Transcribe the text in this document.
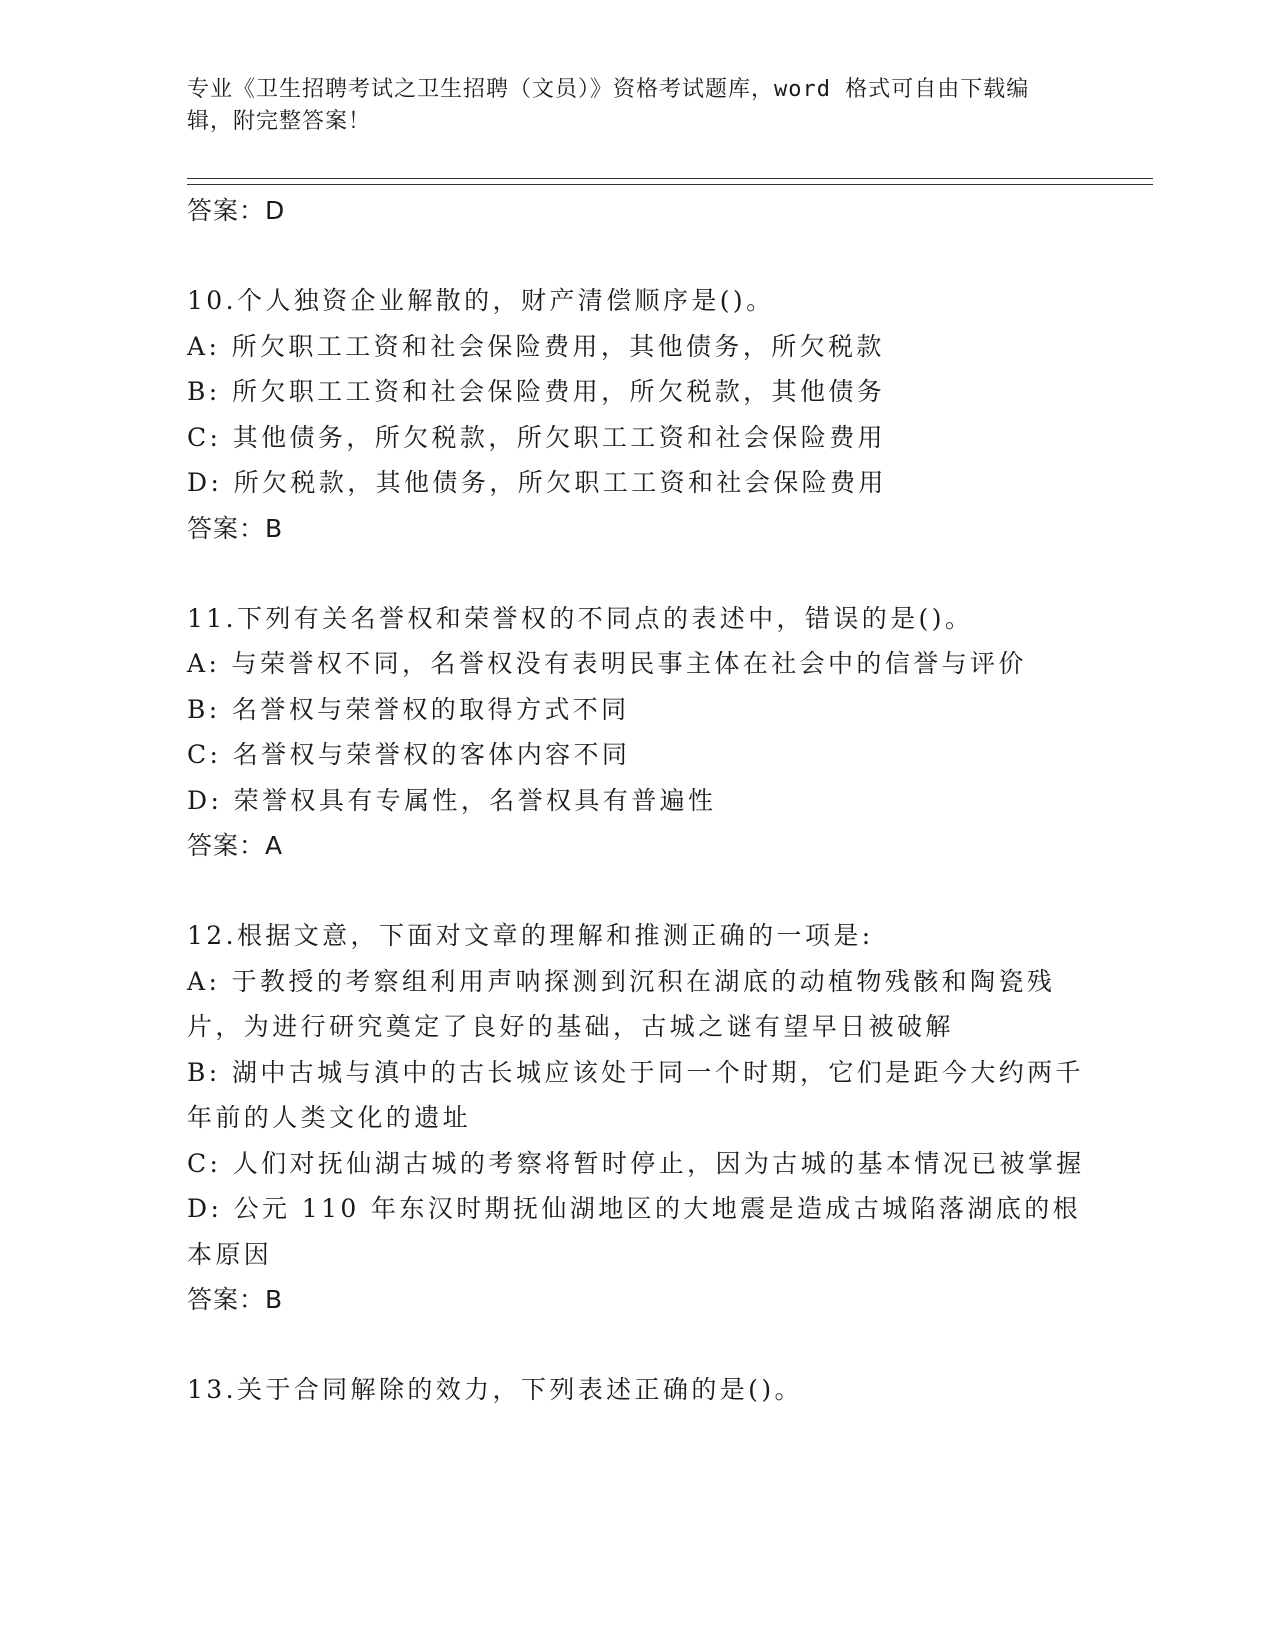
专业《卫生招聘考试之卫生招聘（文员）》资格考试题库，word 格式可自由下载编辑，附完整答案！
答案：D
10.个人独资企业解散的，财产清偿顺序是()。
A: 所欠职工工资和社会保险费用，其他债务，所欠税款
B: 所欠职工工资和社会保险费用，所欠税款，其他债务
C: 其他债务，所欠税款，所欠职工工资和社会保险费用
D: 所欠税款，其他债务，所欠职工工资和社会保险费用
答案：B
11.下列有关名誉权和荣誉权的不同点的表述中，错误的是()。
A: 与荣誉权不同，名誉权没有表明民事主体在社会中的信誉与评价
B: 名誉权与荣誉权的取得方式不同
C: 名誉权与荣誉权的客体内容不同
D: 荣誉权具有专属性，名誉权具有普遍性
答案：A
12.根据文意，下面对文章的理解和推测正确的一项是:
A: 于教授的考察组利用声呐探测到沉积在湖底的动植物残骸和陶瓷残片，为进行研究奠定了良好的基础，古城之谜有望早日被破解
B: 湖中古城与滇中的古长城应该处于同一个时期，它们是距今大约两千年前的人类文化的遗址
C: 人们对抚仙湖古城的考察将暂时停止，因为古城的基本情况已被掌握
D: 公元 110 年东汉时期抚仙湖地区的大地震是造成古城陷落湖底的根本原因
答案：B
13.关于合同解除的效力，下列表述正确的是()。
